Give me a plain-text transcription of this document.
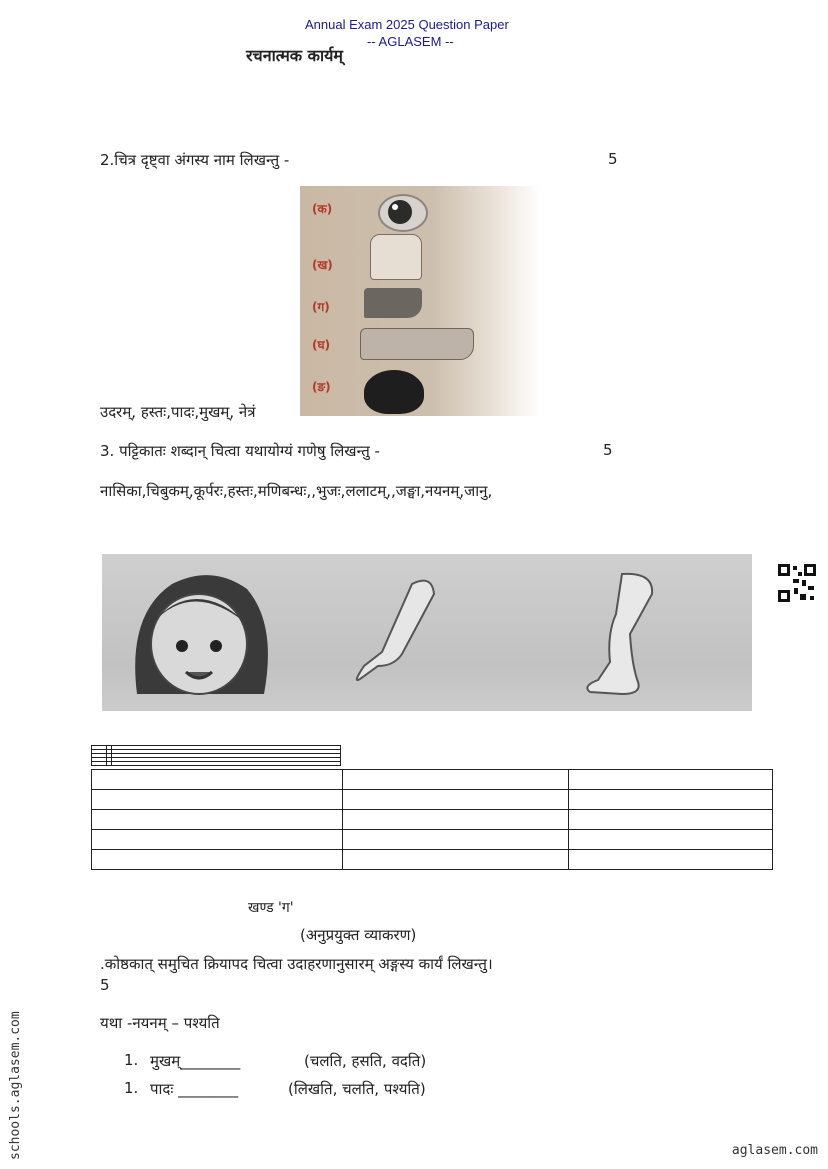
Annual Exam 2025 Question Paper
-- AGLASEM --
रचनात्मक कार्यम्
2.चित्र दृष्ट्वा अंगस्य नाम लिखन्तु -	5
(क)
(ख)
(ग)
(घ)
(ङ)
उदरम्, हस्तः,पादः,मुखम्, नेत्रं
3. पट्टिकातः शब्दान् चित्वा यथायोग्यं गणेषु लिखन्तु -	5
नासिका,चिबुकम्,कूर्परः,हस्तः,मणिबन्धः,,भुजः,ललाटम्,,जङ्घा,नयनम्,जानु,

खण्ड 'ग'
(अनुप्रयुक्त व्याकरण)
.कोष्ठकात् समुचित क्रियापद चित्वा उदाहरणानुसारम् अङ्गस्य कार्यं लिखन्तु।
5
यथा -नयनम् – पश्यति
1. मुखम्________	(चलति, हसति, वदति)
1. पादः ________	(लिखति, चलति, पश्यति)
schools.aglasem.com	aglasem.com
